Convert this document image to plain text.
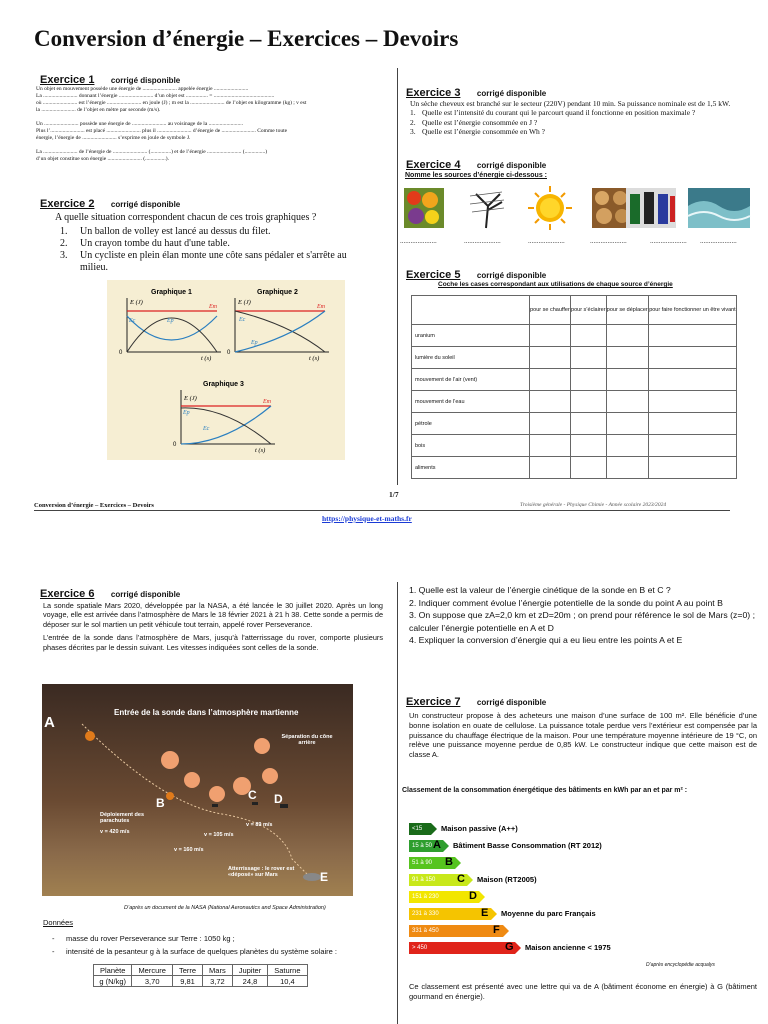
Conversion d’énergie – Exercices – Devoirs
Exercice 1 corrigé disponible
Un objet en mouvement possède une énergie de ......................... appelée énergie .........................
La ......................... donnant l’énergie ......................... d’un objet est ................ = ............................................
où ......................... est l’énergie ......................... en joule (J) ; m est la ......................... de l’objet en kilogramme (kg) ; v est
la ......................... de l’objet en mètre par seconde (m/s).
Un ......................... possède une énergie de ......................... au voisinage de la .........................
Plus l’......................... est placé ......................... plus il ......................... d’énergie de ......................... Comme toute
énergie, l’énergie de ......................... s’exprime en joule de symbole J.
La ......................... de l’énergie de ......................... (...............) et de l’énergie ......................... (...............)
d’un objet constitue son énergie ......................... (...............).
Exercice 2 corrigé disponible
A quelle situation correspondent chacun de ces trois graphiques ?
1.	Un ballon de volley est lancé au dessus du filet.
2.	Un crayon tombe du haut d'une table.
3.	Un cycliste en plein élan monte une côte sans pédaler et s'arrête au milieu.
Graphique 1
E (J)
t (s)
0
Em
Ec	Ep
Graphique 2
E (J)
t (s)
0
Em
Ec
Ep
Graphique 3
E (J)
t (s)
0
Em
Ep
Ec
Exercice 3 corrigé disponible
Un sèche cheveux est branché sur le secteur (220V) pendant 10 min. Sa puissance nominale est de 1,5 kW.
1. Quelle est l’intensité du courant qui le parcourt quand il fonctionne en position maximale ?
2. Quelle est l’énergie consommée en J ?
3. Quelle est l’énergie consommée en Wh ?
Exercice 4 corrigé disponible
Nomme les sources d’énergie ci-dessous :
.....................	.....................	.....................	.....................	..................... .....................
Exercice 5 corrigé disponible
Coche les cases correspondant aux utilisations de chaque source d’énergie
	pour se chauffer	pour s’éclairer	pour se déplacer	pour faire fonctionner un être vivant
uranium				
lumière du soleil				
mouvement de l’air (vent)				
mouvement de l’eau				
pétrole				
bois				
aliments				
Conversion d’énergie – Exercices – Devoirs
1/7
Troisième générale - Physique Chimie - Année scolaire 2023/2024
https://physique-et-maths.fr
Exercice 6 corrigé disponible
La sonde spatiale Mars 2020, développée par la NASA, a été lancée le 30 juillet 2020. Après un long voyage, elle est arrivée dans l’atmosphère de Mars le 18 février 2021 à 21 h 38. Cette sonde a permis de déposer sur le sol martien un petit véhicule tout terrain, appelé rover Perseverance.
L’entrée de la sonde dans l’atmosphère de Mars, jusqu’à l’atterrissage du rover, comporte plusieurs phases décrites par le dessin suivant. Les vitesses indiquées sont celles de la sonde.
Entrée de la sonde dans l’atmosphère martienne
A
B
C D
E
Séparation du cône arrière
Déploiement des parachutes
v = 420 m/s
v = 160 m/s
v = 105 m/s
v = 89 m/s
Atterrissage : le rover est «déposé» sur Mars
D’après un document de la NASA (National Aeronautics and Space Administration)
Données
-	masse du rover Perseverance sur Terre : 1050 kg ;
-	intensité de la pesanteur g à la surface de quelques planètes du système solaire :
Planète	Mercure	Terre	Mars	Jupiter	Saturne
g (N/kg)	3,70	9,81	3,72	24,8	10,4
1. Quelle est la valeur de l’énergie cinétique de la sonde en B et C ?
2. Indiquer comment évolue l’énergie potentielle de la sonde du point A au point B
3. On suppose que zA=2,0 km et zD=20m ; on prend pour référence le sol de Mars (z=0) ; calculer l’énergie potentielle en A et D
4. Expliquer la conversion d’énergie qui a eu lieu entre les points A et E
Exercice 7 corrigé disponible
Un constructeur propose à des acheteurs une maison d’une surface de 100 m². Elle bénéficie d’une bonne isolation en ouate de cellulose. La puissance totale perdue vers l’extérieur est compensée par la puissance du chauffage électrique de la maison. Pour une température moyenne intérieure de 19 °C, on relève une puissance moyenne perdue de 0,85 kW. Le constructeur indique que cette maison est de classe A.
Classement de la consommation énergétique des bâtiments en kWh par an et par m² :
<15	Maison passive (A++)
15 à 50 A Bâtiment Basse Consommation (RT 2012)
51 à 90	B
91 à 150	C Maison (RT2005)
151 à 230	D
231 à 330	E Moyenne du parc Français
331 à 450	F
> 450	G Maison ancienne < 1975
D’après encyclopédie acqualys
Ce classement est présenté avec une lettre qui va de A (bâtiment économe en énergie) à G (bâtiment gourmand en énergie).
